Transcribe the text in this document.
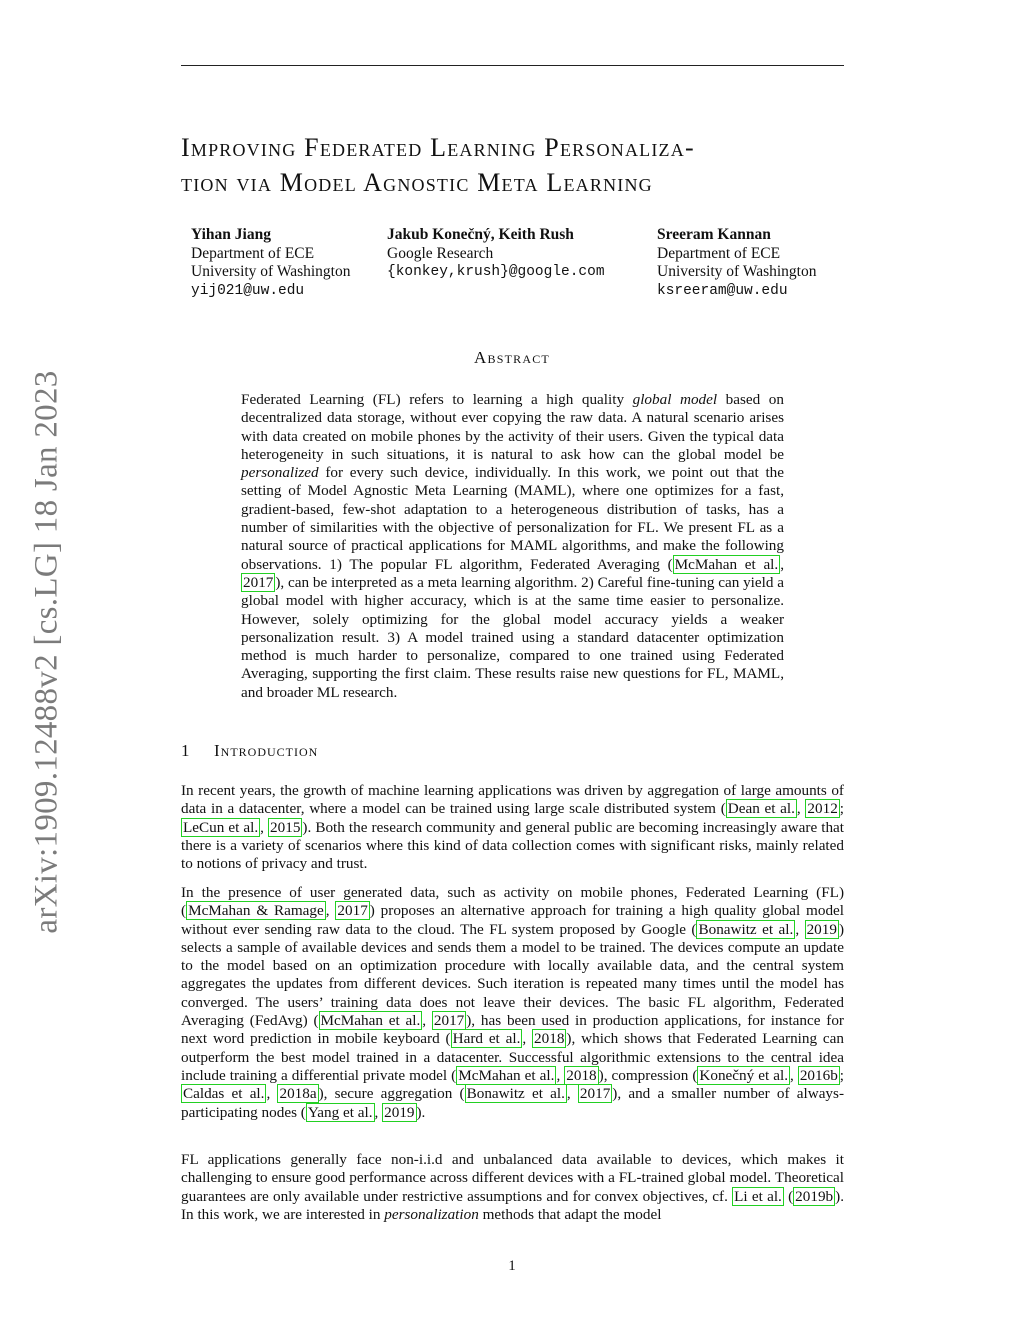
arXiv:1909.12488v2 [cs.LG] 18 Jan 2023
Improving Federated Learning Personaliza-
tion via Model Agnostic Meta Learning
Yihan Jiang
Department of ECE
University of Washington
yij021@uw.edu
Jakub Konečný, Keith Rush
Google Research
{konkey,krush}@google.com
Sreeram Kannan
Department of ECE
University of Washington
ksreeram@uw.edu
Abstract

Federated Learning (FL) refers to learning a high quality global model based on decentralized data storage, without ever copying the raw data. A natural scenario arises with data created on mobile phones by the activity of their users. Given the typical data heterogeneity in such situations, it is natural to ask how can the global model be personalized for every such device, individually. In this work, we point out that the setting of Model Agnostic Meta Learning (MAML), where one optimizes for a fast, gradient-based, few-shot adaptation to a heterogeneous distribution of tasks, has a number of similarities with the objective of personalization for FL. We present FL as a natural source of practical applications for MAML algorithms, and make the following observations. 1) The popular FL algorithm, Federated Averaging ( McMahan et al. , 2017 ), can be interpreted as a meta learning algorithm. 2) Careful fine-tuning can yield a global model with higher accuracy, which is at the same time easier to personalize. However, solely optimizing for the global model accuracy yields a weaker personalization result. 3) A model trained using a standard datacenter optimization method is much harder to personalize, compared to one trained using Federated Averaging, supporting the first claim. These results raise new questions for FL, MAML, and broader ML research.

1 Introduction

In recent years, the growth of machine learning applications was driven by aggregation of large amounts of data in a datacenter, where a model can be trained using large scale distributed system ( Dean et al. , 2012 ; LeCun et al. , 2015 ). Both the research community and general public are becoming increasingly aware that there is a variety of scenarios where this kind of data collection comes with significant risks, mainly related to notions of privacy and trust.

In the presence of user generated data, such as activity on mobile phones, Federated Learning (FL) ( McMahan & Ramage , 2017 ) proposes an alternative approach for training a high quality global model without ever sending raw data to the cloud. The FL system proposed by Google ( Bonawitz et al. , 2019 ) selects a sample of available devices and sends them a model to be trained. The devices compute an update to the model based on an optimization procedure with locally available data, and the central system aggregates the updates from different devices. Such iteration is repeated many times until the model has converged. The users’ training data does not leave their devices. The basic FL algorithm, Federated Averaging (FedAvg) ( McMahan et al. , 2017 ), has been used in production applications, for instance for next word prediction in mobile keyboard ( Hard et al. , 2018 ), which shows that Federated Learning can outperform the best model trained in a datacenter. Successful algorithmic extensions to the central idea include training a differential private model ( McMahan et al. , 2018 ), compression ( Konečný et al. , 2016b ; Caldas et al. , 2018a ), secure aggregation ( Bonawitz et al. , 2017 ), and a smaller number of always-participating nodes ( Yang et al. , 2019 ).

FL applications generally face non-i.i.d and unbalanced data available to devices, which makes it challenging to ensure good performance across different devices with a FL-trained global model. Theoretical guarantees are only available under restrictive assumptions and for convex objectives, cf. Li et al. ( 2019b ). In this work, we are interested in personalization methods that adapt the model

1
